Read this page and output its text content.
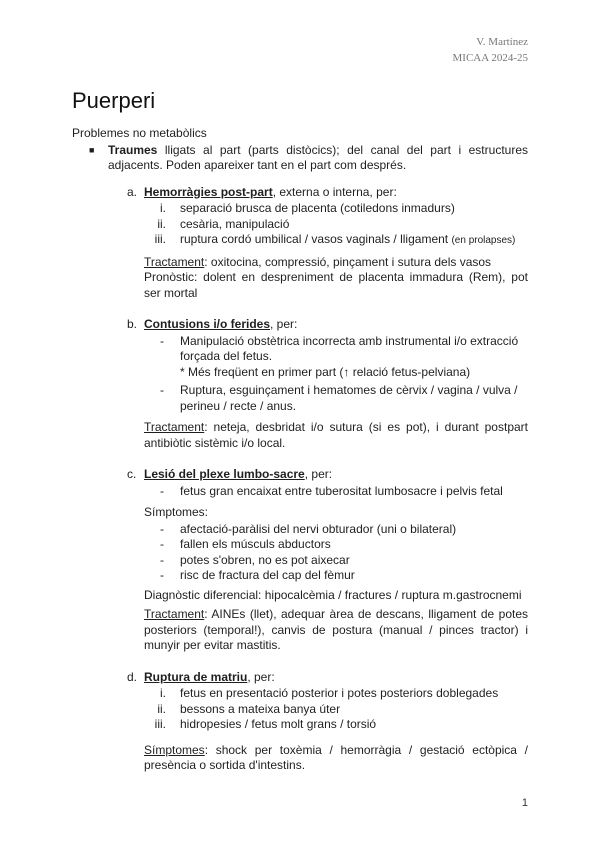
V. Martínez
MICAA 2024-25
Puerperi

Problemes no metabòlics

■ Traumes lligats al part (parts distòcics); del canal del part i estructures adjacents. Poden apareixer tant en el part com després.
a. Hemorràgies post-part, externa o interna, per:
i. separació brusca de placenta (cotiledons inmadurs)
ii. cesària, manipulació
iii. ruptura cordó umbilical / vasos vaginals / lligament (en prolapses)

Tractament: oxitocina, compressió, pinçament i sutura dels vasos

Pronòstic: dolent en despreniment de placenta immadura (Rem), pot ser mortal

b. Contusions i/o ferides, per:
- Manipulació obstètrica incorrecta amb instrumental i/o extracció forçada del fetus.
* Més freqüent en primer part (↑ relació fetus-pelviana)
- Ruptura, esguinçament i hematomes de cèrvix / vagina / vulva / perineu / recte / anus.

Tractament: neteja, desbridat i/o sutura (si es pot), i durant postpart antibiòtic sistèmic i/o local.

c. Lesió del plexe lumbo-sacre, per:
- fetus gran encaixat entre tuberositat lumbosacre i pelvis fetal
Símptomes:
- afectació-paràlisi del nervi obturador (uni o bilateral)
- fallen els músculs abductors
- potes s'obren, no es pot aixecar
- risc de fractura del cap del fèmur
Diagnòstic diferencial: hipocalcèmia / fractures / ruptura m.gastrocnemi

Tractament: AINEs (llet), adequar àrea de descans, lligament de potes posteriors (temporal!), canvis de postura (manual / pinces tractor) i munyir per evitar mastitis.

d. Ruptura de matriu, per:
i. fetus en presentació posterior i potes posteriors doblegades
ii. bessons a mateixa banya úter
iii. hidropesies / fetus molt grans / torsió

Símptomes: shock per toxèmia / hemorràgia / gestació ectòpica / presència o sortida d'intestins.

1
